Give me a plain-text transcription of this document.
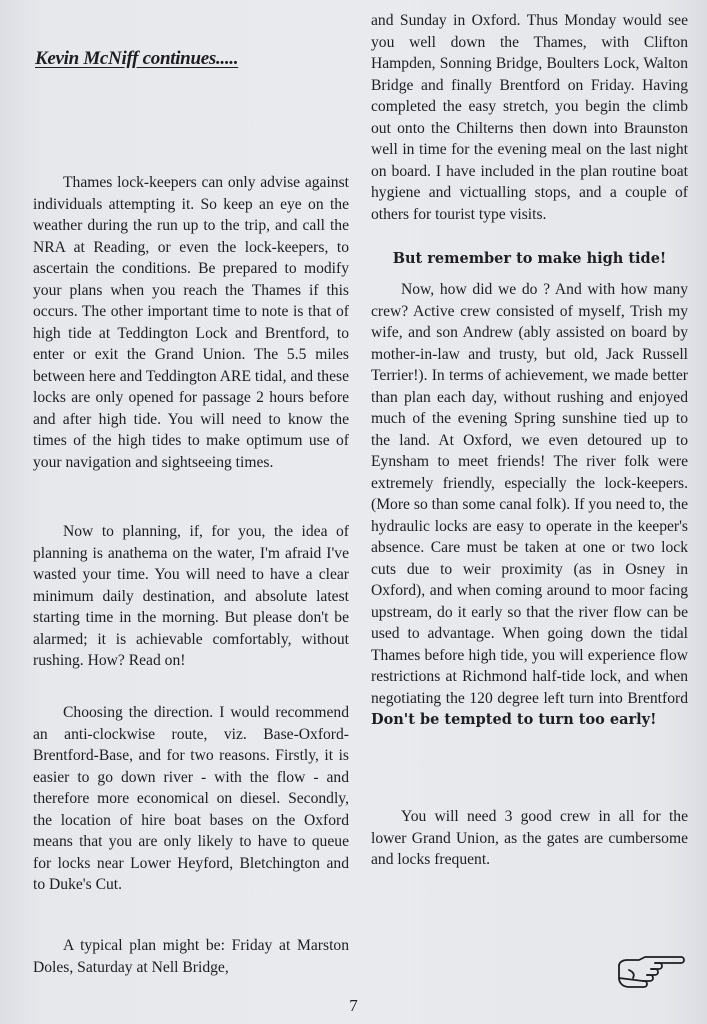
Kevin McNiff continues.....

Thames lock-keepers can only advise against individuals attempting it. So keep an eye on the weather during the run up to the trip, and call the NRA at Reading, or even the lock-keepers, to ascertain the conditions. Be prepared to modify your plans when you reach the Thames if this occurs. The other important time to note is that of high tide at Teddington Lock and Brentford, to enter or exit the Grand Union. The 5.5 miles between here and Teddington ARE tidal, and these locks are only opened for passage 2 hours before and after high tide. You will need to know the times of the high tides to make optimum use of your navigation and sightseeing times.

Now to planning, if, for you, the idea of planning is anathema on the water, I'm afraid I've wasted your time. You will need to have a clear minimum daily destination, and absolute latest starting time in the morning. But please don't be alarmed; it is achievable comfortably, without rushing. How? Read on!

Choosing the direction. I would recommend an anti-clockwise route, viz. Base-Oxford-Brentford-Base, and for two reasons. Firstly, it is easier to go down river - with the flow - and therefore more economical on diesel. Secondly, the location of hire boat bases on the Oxford means that you are only likely to have to queue for locks near Lower Heyford, Bletchington and to Duke's Cut.

A typical plan might be: Friday at Marston Doles, Saturday at Nell Bridge,

and Sunday in Oxford. Thus Monday would see you well down the Thames, with Clifton Hampden, Sonning Bridge, Boulters Lock, Walton Bridge and finally Brentford on Friday. Having completed the easy stretch, you begin the climb out onto the Chilterns then down into Braunston well in time for the evening meal on the last night on board. I have included in the plan routine boat hygiene and victualling stops, and a couple of others for tourist type visits.

But remember to make high tide!

Now, how did we do ? And with how many crew? Active crew consisted of myself, Trish my wife, and son Andrew (ably assisted on board by mother-in-law and trusty, but old, Jack Russell Terrier!). In terms of achievement, we made better than plan each day, without rushing and enjoyed much of the evening Spring sunshine tied up to the land. At Oxford, we even detoured up to Eynsham to meet friends! The river folk were extremely friendly, especially the lock-keepers. (More so than some canal folk). If you need to, the hydraulic locks are easy to operate in the keeper's absence. Care must be taken at one or two lock cuts due to weir proximity (as in Osney in Oxford), and when coming around to moor facing upstream, do it early so that the river flow can be used to advantage. When going down the tidal Thames before high tide, you will experience flow restrictions at Richmond half-tide lock, and when negotiating the 120 degree left turn into Brentford Don't be tempted to turn too early!

You will need 3 good crew in all for the lower Grand Union, as the gates are cumbersome and locks frequent.

7
